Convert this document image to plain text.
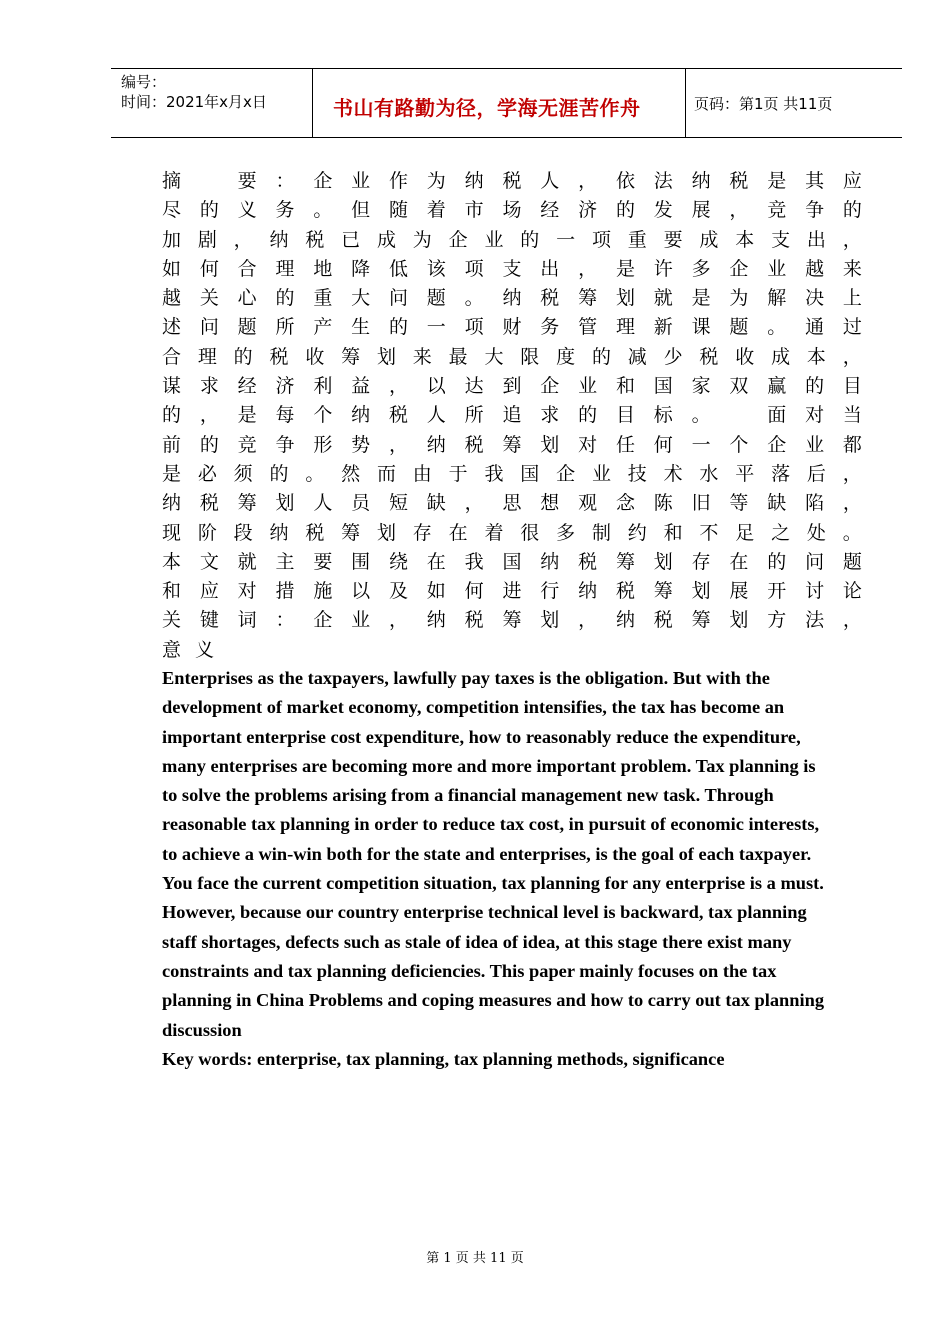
编号：
时间：2021年x月x日	书山有路勤为径，学海无涯苦作舟	页码：第1页 共11页
摘
　	要 ： 企 业 作 为 纳 税 人 ， 依 法 纳 税 是 其 应
尽 的 义 务 。 但 随 着 市 场 经 济 的 发 展 ， 竞 争 的
加 剧 ， 纳 税 已 成 为 企 业 的 一 项 重 要 成 本 支 出 ，
如 何 合 理 地 降 低 该 项 支 出 ， 是 许 多 企 业 越 来
越 关 心 的 重 大 问 题 。 纳 税 筹 划 就 是 为 解 决 上
述 问 题 所 产 生 的 一 项 财 务 管 理 新 课 题 。 通 过
合 理 的 税 收 筹 划 来 最 大 限 度 的 减 少 税 收 成 本 ，
谋 求 经 济 利 益 ， 以 达 到 企 业 和 国 家 双 赢 的 目
的 ， 是 每 个 纳 税 人 所 追 求 的 目 标 。
　	面 对 当
前 的 竞 争 形 势 ， 纳 税 筹 划 对 任 何 一 个 企 业 都
是 必 须 的 。 然 而 由 于 我 国 企 业 技 术 水 平 落 后 ，
纳 税 筹 划 人 员 短 缺 ， 思 想 观 念 陈 旧 等 缺 陷 ，
现 阶 段 纳 税 筹 划 存 在 着 很 多 制 约 和 不 足 之 处 。
本 文 就 主 要 围 绕 在 我 国 纳 税 筹 划 存 在 的 问 题
和 应 对 措 施 以 及 如 何 进 行 纳 税 筹 划 展 开 讨 论
关 键 词 ： 企 业 ， 纳 税 筹 划 ， 纳 税 筹 划 方 法 ，
意义
Enterprises as the taxpayers, lawfully pay taxes is the obligation. But with the
development of market economy, competition intensifies, the tax has become an
important enterprise cost expenditure, how to reasonably reduce the expenditure,
many enterprises are becoming more and more important problem. Tax planning is
to solve the problems arising from a financial management new task. Through
reasonable tax planning in order to reduce tax cost, in pursuit of economic interests,
to achieve a win-win both for the state and enterprises, is the goal of each taxpayer.
You face the current competition situation, tax planning for any enterprise is a must.
However, because our country enterprise technical level is backward, tax planning
staff shortages, defects such as stale of idea of idea, at this stage there exist many
constraints and tax planning deficiencies. This paper mainly focuses on the tax
planning in China Problems and coping measures and how to carry out tax planning
discussion
Key words: enterprise, tax planning, tax planning methods, significance
第 1 页 共 11 页
